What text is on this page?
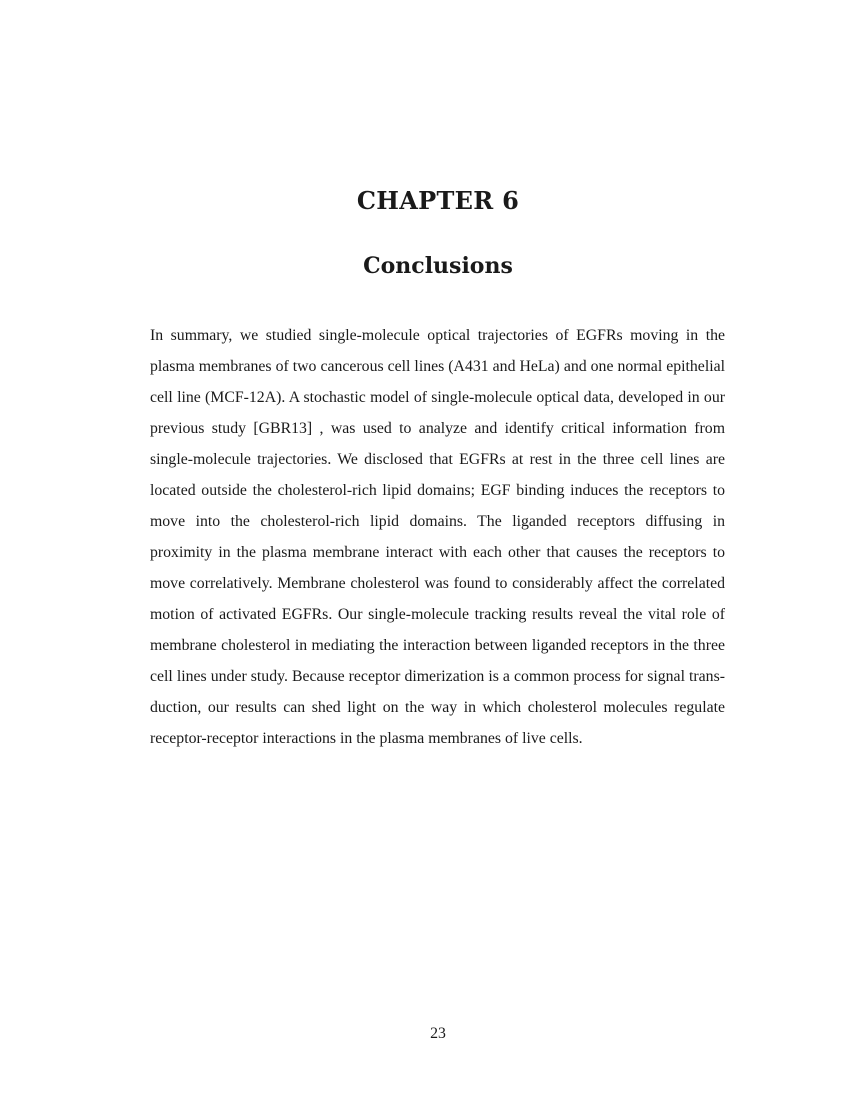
CHAPTER 6
Conclusions

In summary, we studied single-molecule optical trajectories of EGFRs moving in the plasma membranes of two cancerous cell lines (A431 and HeLa) and one normal epithelial cell line (MCF-12A). A stochastic model of single-molecule optical data, developed in our previous study [GBR13] , was used to analyze and identify critical information from single-molecule trajectories. We disclosed that EGFRs at rest in the three cell lines are located outside the cholesterol-rich lipid domains; EGF binding induces the receptors to move into the cholesterol-rich lipid domains. The liganded receptors diffusing in proximity in the plasma membrane interact with each other that causes the receptors to move correlatively. Membrane cholesterol was found to considerably affect the correlated motion of activated EGFRs. Our single-molecule tracking results reveal the vital role of membrane cholesterol in mediating the interaction between liganded receptors in the three cell lines under study. Because receptor dimerization is a common process for signal transduction, our results can shed light on the way in which cholesterol molecules regulate receptor-receptor interactions in the plasma membranes of live cells.

23
